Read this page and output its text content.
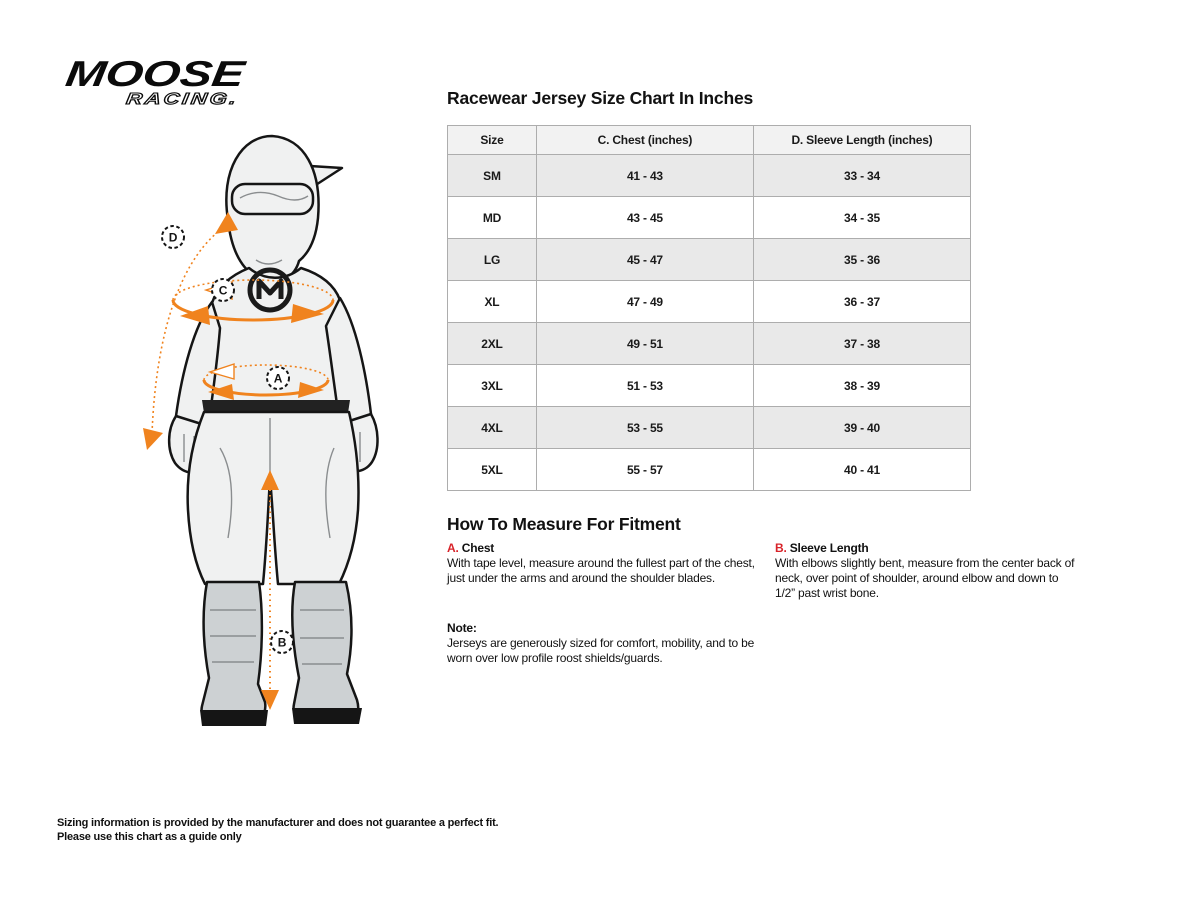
MOOSE
RACING.
D
C
A
B
Racewear Jersey Size Chart In Inches
Size	C. Chest (inches)	D. Sleeve Length (inches)
SM	41 - 43	33 - 34
MD	43 - 45	34 - 35
LG	45 - 47	35 - 36
XL	47 - 49	36 - 37
2XL	49 - 51	37 - 38
3XL	51 - 53	38 - 39
4XL	53 - 55	39 - 40
5XL	55 - 57	40 - 41
How To Measure For Fitment
A. Chest
With tape level, measure around the fullest part of the chest, just under the arms and around the shoulder blades.
B. Sleeve Length
With elbows slightly bent, measure from the center back of neck, over point of shoulder, around elbow and down to 1/2” past wrist bone.
Note:
Jerseys are generously sized for comfort, mobility, and to be worn over low profile roost shields/guards.
Sizing information is provided by the manufacturer and does not guarantee a perfect fit.
Please use this chart as a guide only
